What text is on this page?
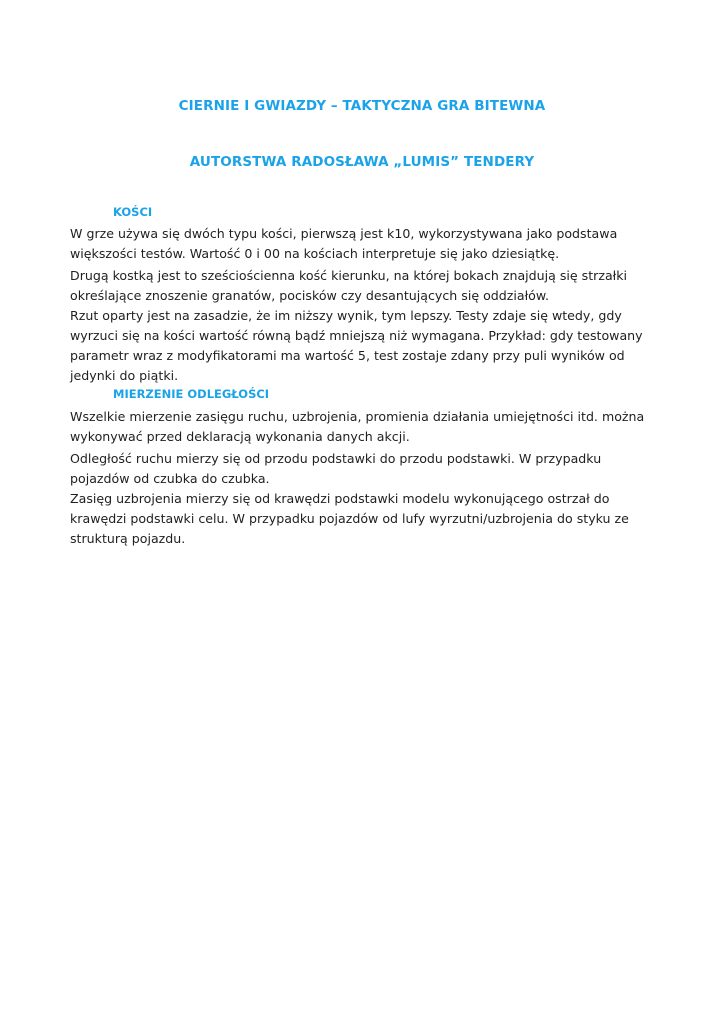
CIERNIE I GWIAZDY – TAKTYCZNA GRA BITEWNA
AUTORSTWA RADOSŁAWA „LUMIS” TENDERY
KOŚCI

W grze używa się dwóch typu kości, pierwszą jest k10, wykorzystywana jako podstawa większości testów. Wartość 0 i 00 na kościach interpretuje się jako dziesiątkę.

Drugą kostką jest to sześciościenna kość kierunku, na której bokach znajdują się strzałki określające znoszenie granatów, pocisków czy desantujących się oddziałów.

Rzut oparty jest na zasadzie, że im niższy wynik, tym lepszy. Testy zdaje się wtedy, gdy wyrzuci się na kości wartość równą bądź mniejszą niż wymagana. Przykład: gdy testowany parametr wraz z modyfikatorami ma wartość 5, test zostaje zdany przy puli wyników od jedynki do piątki.

MIERZENIE ODLEGŁOŚCI

Wszelkie mierzenie zasięgu ruchu, uzbrojenia, promienia działania umiejętności itd. można wykonywać przed deklaracją wykonania danych akcji.

Odległość ruchu mierzy się od przodu podstawki do przodu podstawki. W przypadku pojazdów od czubka do czubka.

Zasięg uzbrojenia mierzy się od krawędzi podstawki modelu wykonującego ostrzał do krawędzi podstawki celu. W przypadku pojazdów od lufy wyrzutni/uzbrojenia do styku ze strukturą pojazdu.
